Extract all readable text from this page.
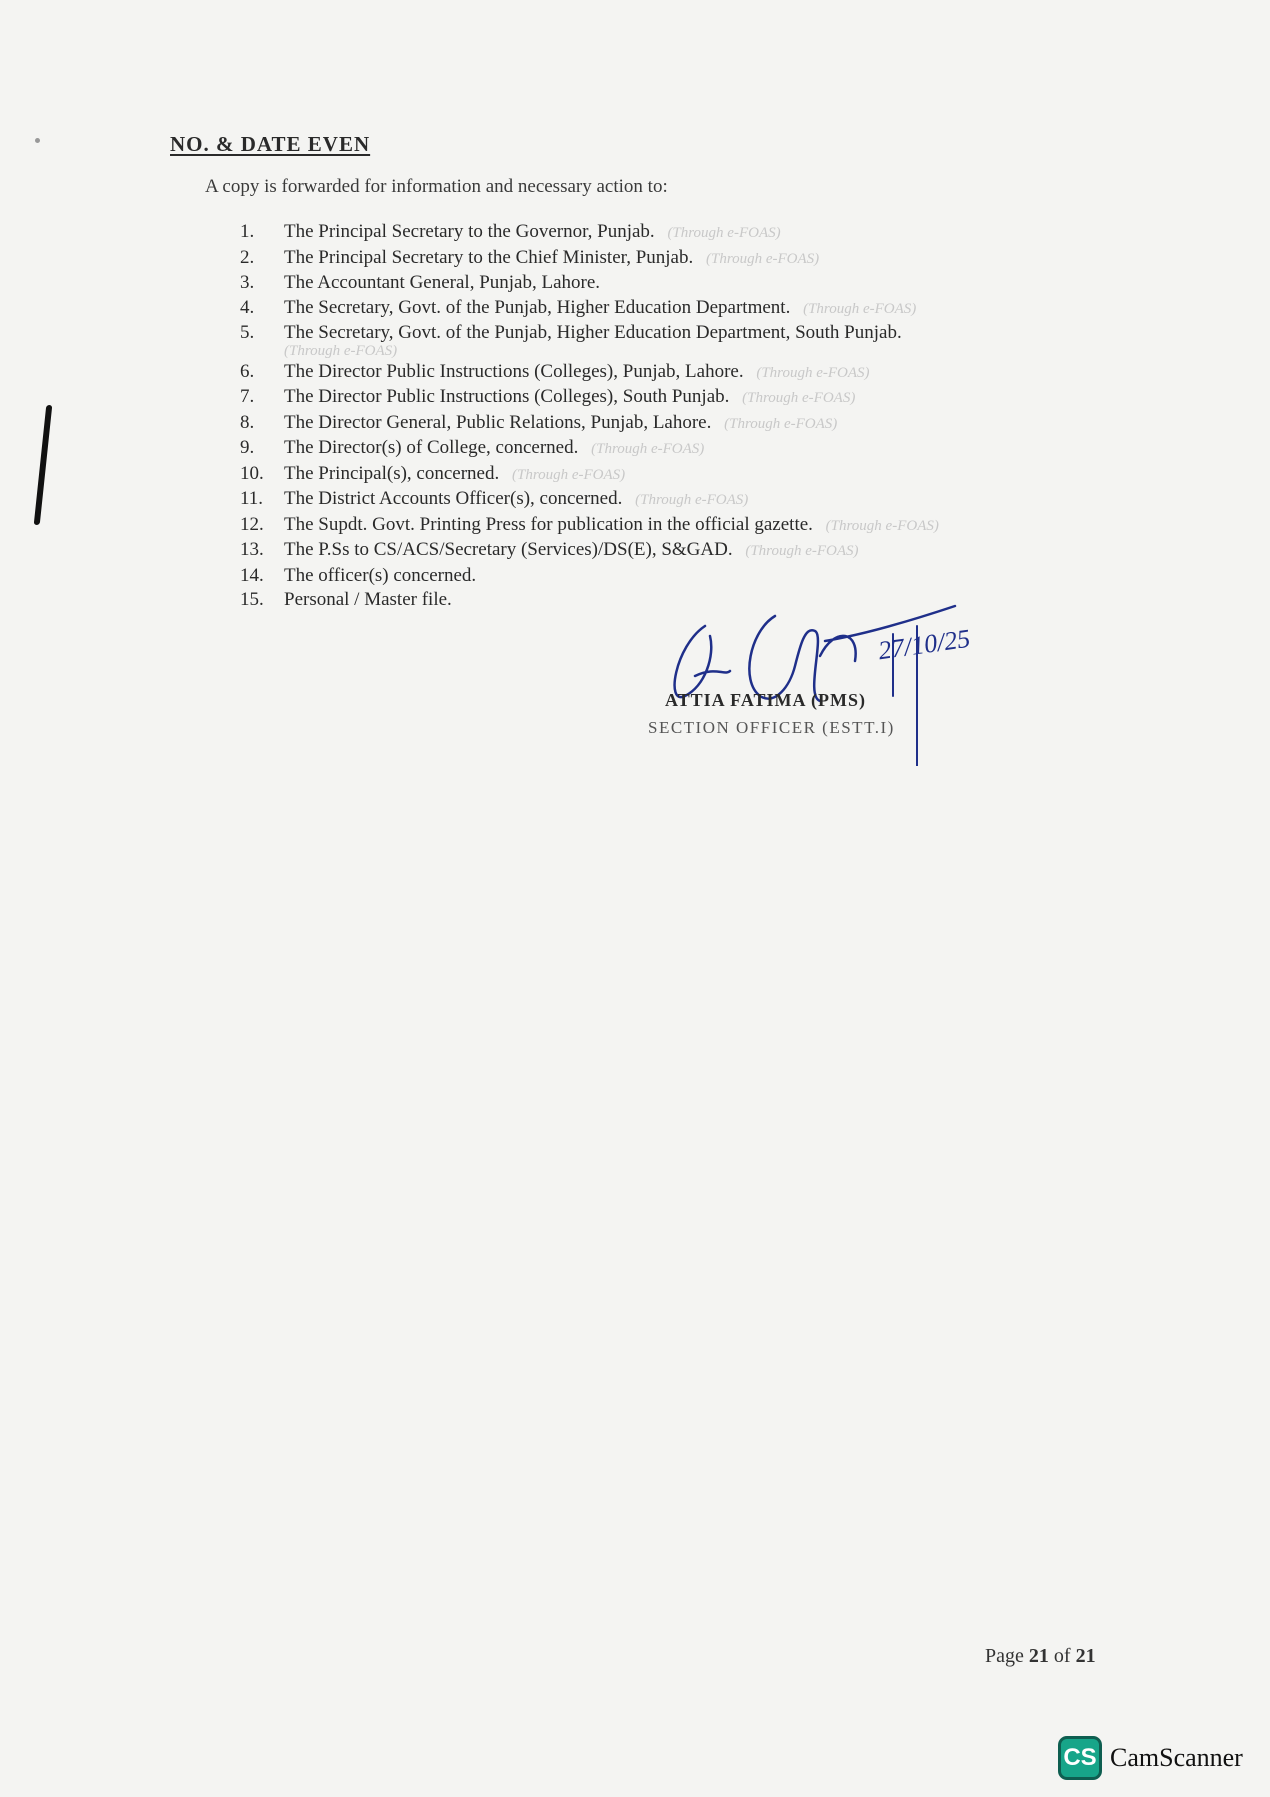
NO. & DATE EVEN
A copy is forwarded for information and necessary action to:
1. The Principal Secretary to the Governor, Punjab. (Through e-FOAS)
2. The Principal Secretary to the Chief Minister, Punjab. (Through e-FOAS)
3. The Accountant General, Punjab, Lahore.
4. The Secretary, Govt. of the Punjab, Higher Education Department. (Through e-FOAS)
5. The Secretary, Govt. of the Punjab, Higher Education Department, South Punjab.
(Through e-FOAS)
6. The Director Public Instructions (Colleges), Punjab, Lahore. (Through e-FOAS)
7. The Director Public Instructions (Colleges), South Punjab. (Through e-FOAS)
8. The Director General, Public Relations, Punjab, Lahore. (Through e-FOAS)
9. The Director(s) of College, concerned. (Through e-FOAS)
10. The Principal(s), concerned. (Through e-FOAS)
11. The District Accounts Officer(s), concerned. (Through e-FOAS)
12. The Supdt. Govt. Printing Press for publication in the official gazette. (Through e-FOAS)
13. The P.Ss to CS/ACS/Secretary (Services)/DS(E), S&GAD. (Through e-FOAS)
14. The officer(s) concerned.
15. Personal / Master file.
27/10/25
ATTIA FATIMA (PMS)
SECTION OFFICER (ESTT.I)
Page 21 of 21
CS CamScanner
